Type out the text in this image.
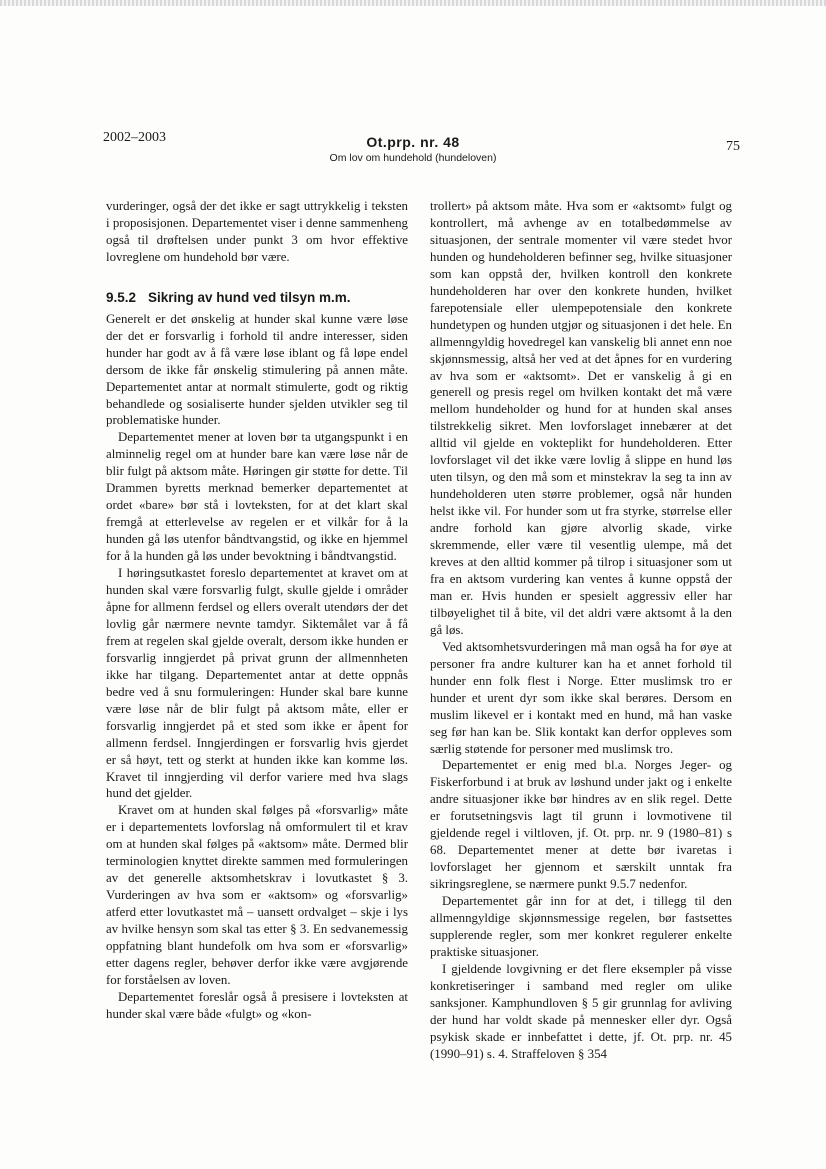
2002–2003	Ot.prp. nr. 48
Om lov om hundehold (hundeloven)
75

vurderinger, også der det ikke er sagt uttrykkelig i teksten i proposisjonen. Departementet viser i denne sammenheng også til drøftelsen under punkt 3 om hvor effektive lovreglene om hundehold bør være.

9.5.2 Sikring av hund ved tilsyn m.m.

Generelt er det ønskelig at hunder skal kunne være løse der det er forsvarlig i forhold til andre interesser, siden hunder har godt av å få være løse iblant og få løpe endel dersom de ikke får ønskelig stimulering på annen måte. Departementet antar at normalt stimulerte, godt og riktig behandlede og sosialiserte hunder sjelden utvikler seg til problematiske hunder.

Departementet mener at loven bør ta utgangspunkt i en alminnelig regel om at hunder bare kan være løse når de blir fulgt på aktsom måte. Høringen gir støtte for dette. Til Drammen byretts merknad bemerker departementet at ordet «bare» bør stå i lovteksten, for at det klart skal fremgå at etterlevelse av regelen er et vilkår for å la hunden gå løs utenfor båndtvangstid, og ikke en hjemmel for å la hunden gå løs under bevoktning i båndtvangstid.

I høringsutkastet foreslo departementet at kravet om at hunden skal være forsvarlig fulgt, skulle gjelde i områder åpne for allmenn ferdsel og ellers overalt utendørs der det lovlig går nærmere nevnte tamdyr. Siktemålet var å få frem at regelen skal gjelde overalt, dersom ikke hunden er forsvarlig inngjerdet på privat grunn der allmennheten ikke har tilgang. Departementet antar at dette oppnås bedre ved å snu formuleringen: Hunder skal bare kunne være løse når de blir fulgt på aktsom måte, eller er forsvarlig inngjerdet på et sted som ikke er åpent for allmenn ferdsel. Inngjerdingen er forsvarlig hvis gjerdet er så høyt, tett og sterkt at hunden ikke kan komme løs. Kravet til inngjerding vil derfor variere med hva slags hund det gjelder.

Kravet om at hunden skal følges på «forsvarlig» måte er i departementets lovforslag nå omformulert til et krav om at hunden skal følges på «aktsom» måte. Dermed blir terminologien knyttet direkte sammen med formuleringen av det generelle aktsomhetskrav i lovutkastet § 3. Vurderingen av hva som er «aktsom» og «forsvarlig» atferd etter lovutkastet må – uansett ordvalget – skje i lys av hvilke hensyn som skal tas etter § 3. En sedvanemessig oppfatning blant hundefolk om hva som er «forsvarlig» etter dagens regler, behøver derfor ikke være avgjørende for forståelsen av loven.

Departementet foreslår også å presisere i lovteksten at hunder skal være både «fulgt» og «kon-

trollert» på aktsom måte. Hva som er «aktsomt» fulgt og kontrollert, må avhenge av en totalbedømmelse av situasjonen, der sentrale momenter vil være stedet hvor hunden og hundeholderen befinner seg, hvilke situasjoner som kan oppstå der, hvilken kontroll den konkrete hundeholderen har over den konkrete hunden, hvilket farepotensiale eller ulempepotensiale den konkrete hundetypen og hunden utgjør og situasjonen i det hele. En allmenngyldig hovedregel kan vanskelig bli annet enn noe skjønnsmessig, altså her ved at det åpnes for en vurdering av hva som er «aktsomt». Det er vanskelig å gi en generell og presis regel om hvilken kontakt det må være mellom hundeholder og hund for at hunden skal anses tilstrekkelig sikret. Men lovforslaget innebærer at det alltid vil gjelde en vokteplikt for hundeholderen. Etter lovforslaget vil det ikke være lovlig å slippe en hund løs uten tilsyn, og den må som et minstekrav la seg ta inn av hundeholderen uten større problemer, også når hunden helst ikke vil. For hunder som ut fra styrke, størrelse eller andre forhold kan gjøre alvorlig skade, virke skremmende, eller være til vesentlig ulempe, må det kreves at den alltid kommer på tilrop i situasjoner som ut fra en aktsom vurdering kan ventes å kunne oppstå der man er. Hvis hunden er spesielt aggressiv eller har tilbøyelighet til å bite, vil det aldri være aktsomt å la den gå løs.

Ved aktsomhetsvurderingen må man også ha for øye at personer fra andre kulturer kan ha et annet forhold til hunder enn folk flest i Norge. Etter muslimsk tro er hunder et urent dyr som ikke skal berøres. Dersom en muslim likevel er i kontakt med en hund, må han vaske seg før han kan be. Slik kontakt kan derfor oppleves som særlig støtende for personer med muslimsk tro.

Departementet er enig med bl.a. Norges Jeger- og Fiskerforbund i at bruk av løshund under jakt og i enkelte andre situasjoner ikke bør hindres av en slik regel. Dette er forutsetningsvis lagt til grunn i lovmotivene til gjeldende regel i viltloven, jf. Ot. prp. nr. 9 (1980–81) s 68. Departementet mener at dette bør ivaretas i lovforslaget her gjennom et særskilt unntak fra sikringsreglene, se nærmere punkt 9.5.7 nedenfor.

Departementet går inn for at det, i tillegg til den allmenngyldige skjønnsmessige regelen, bør fastsettes supplerende regler, som mer konkret regulerer enkelte praktiske situasjoner.

I gjeldende lovgivning er det flere eksempler på visse konkretiseringer i samband med regler om ulike sanksjoner. Kamphundloven § 5 gir grunnlag for avliving der hund har voldt skade på mennesker eller dyr. Også psykisk skade er innbefattet i dette, jf. Ot. prp. nr. 45 (1990–91) s. 4. Straffeloven § 354
